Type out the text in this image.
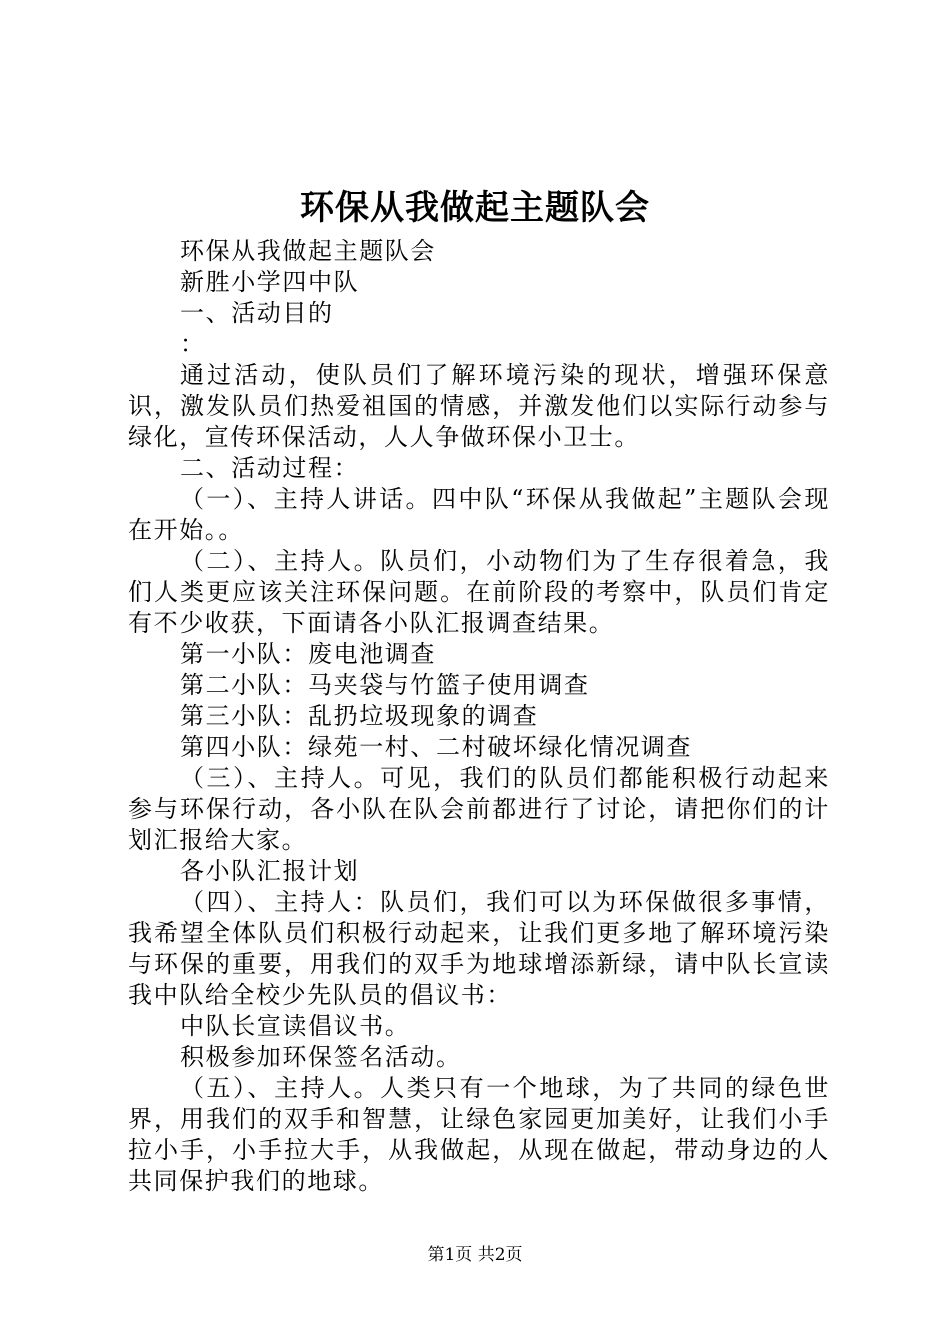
环保从我做起主题队会

环保从我做起主题队会

新胜小学四中队

一、活动目的

：

通过活动，使队员们了解环境污染的现状，增强环保意识，激发队员们热爱祖国的情感，并激发他们以实际行动参与绿化，宣传环保活动，人人争做环保小卫士。

二、活动过程：

（一）、主持人讲话。四中队“环保从我做起”主题队会现在开始。。

（二）、主持人。队员们，小动物们为了生存很着急，我们人类更应该关注环保问题。在前阶段的考察中，队员们肯定有不少收获，下面请各小队汇报调查结果。

第一小队：废电池调查

第二小队：马夹袋与竹篮子使用调查

第三小队：乱扔垃圾现象的调查

第四小队：绿苑一村、二村破坏绿化情况调查

（三）、主持人。可见，我们的队员们都能积极行动起来参与环保行动，各小队在队会前都进行了讨论，请把你们的计划汇报给大家。

各小队汇报计划

（四）、主持人：队员们，我们可以为环保做很多事情，我希望全体队员们积极行动起来，让我们更多地了解环境污染与环保的重要，用我们的双手为地球增添新绿，请中队长宣读我中队给全校少先队员的倡议书：

中队长宣读倡议书。

积极参加环保签名活动。

（五）、主持人。人类只有一个地球，为了共同的绿色世界，用我们的双手和智慧，让绿色家园更加美好，让我们小手拉小手，小手拉大手，从我做起，从现在做起，带动身边的人共同保护我们的地球。

第1页 共2页
